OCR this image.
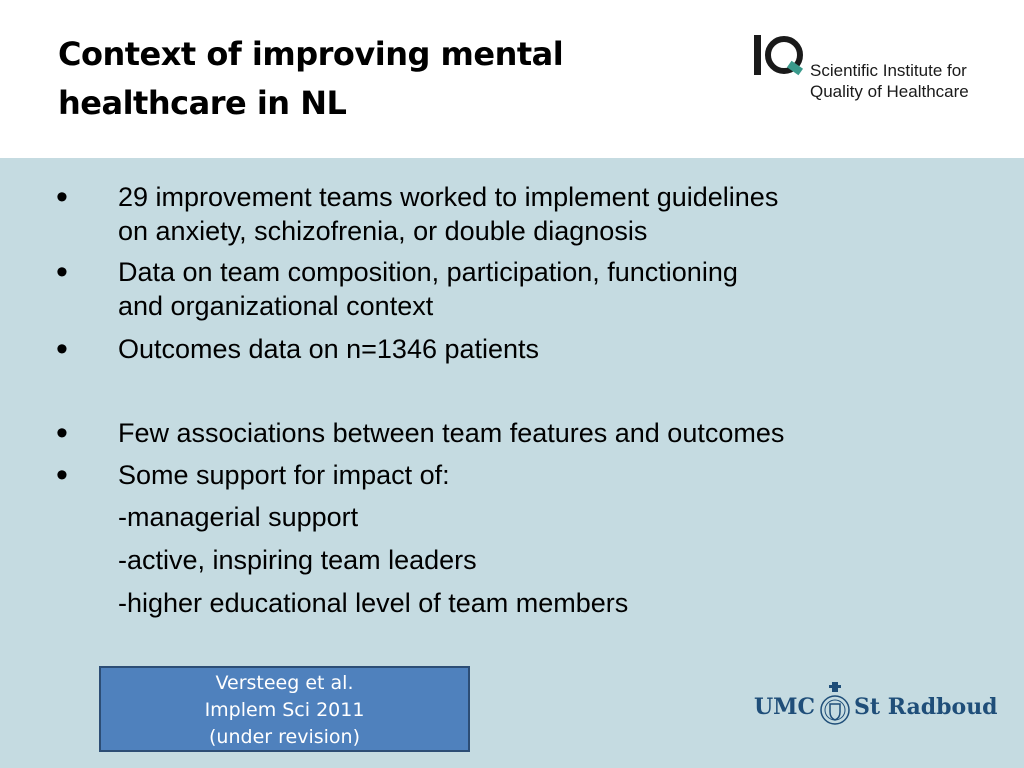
Context of improving mental
healthcare in NL
Scientific Institute for
Quality of Healthcare
• 29 improvement teams worked to implement guidelines
on anxiety, schizofrenia, or double diagnosis
• Data on team composition, participation, functioning
and organizational context
• Outcomes data on n=1346 patients
• Few associations between team features and outcomes
• Some support for impact of:
-managerial support
-active, inspiring team leaders
-higher educational level of team members
Versteeg et al.
Implem Sci 2011
(under revision)
UMC St Radboud
